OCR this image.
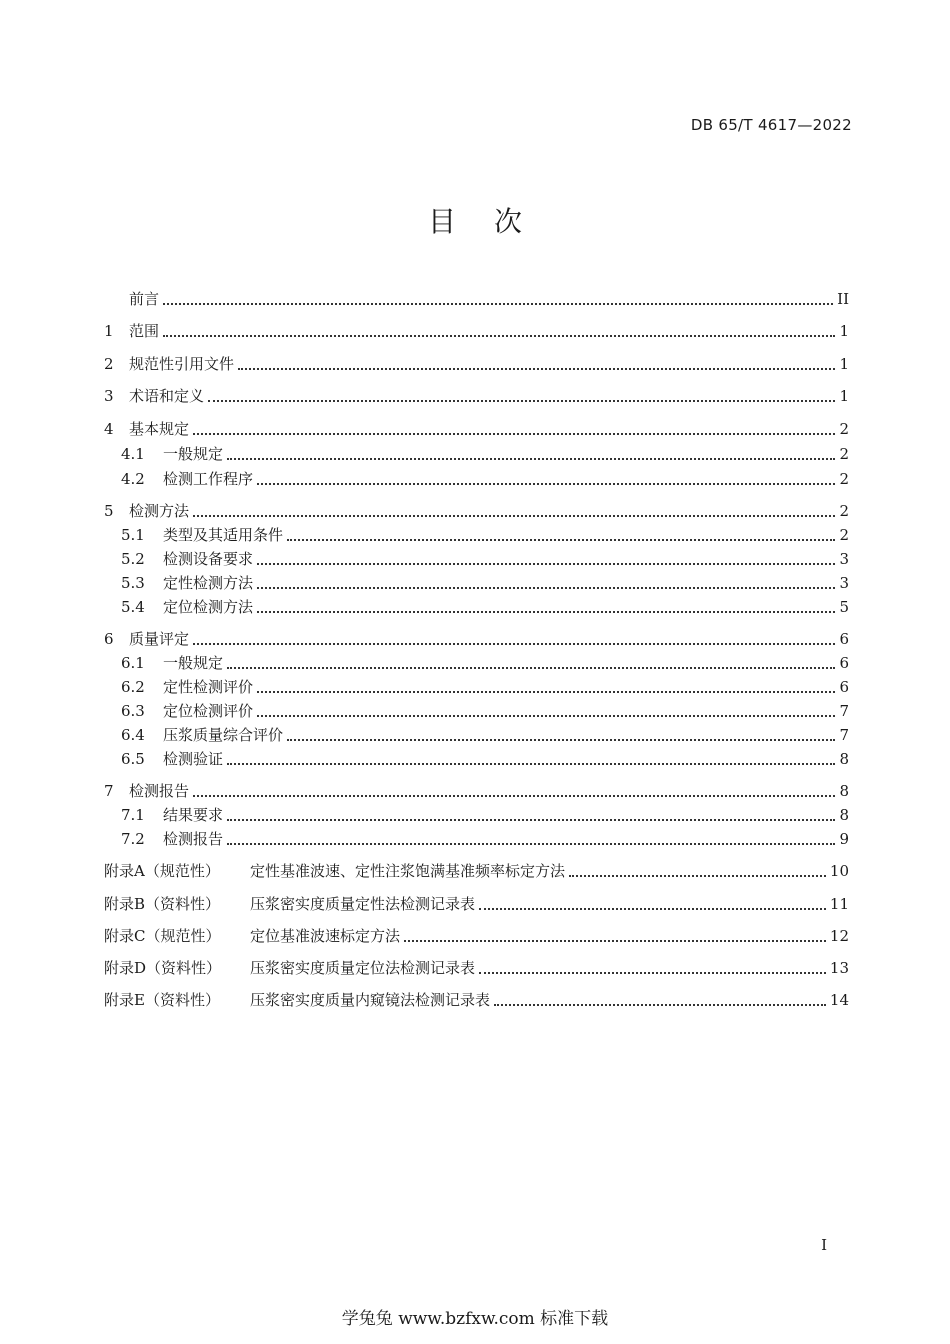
DB 65/T 4617—2022
目次
前言	II
1	范围	1
2	规范性引用文件	1
3	术语和定义	1
4	基本规定	2
4.1	一般规定	2
4.2	检测工作程序	2
5	检测方法	2
5.1	类型及其适用条件	2
5.2	检测设备要求	3
5.3	定性检测方法	3
5.4	定位检测方法	5
6	质量评定	6
6.1	一般规定	6
6.2	定性检测评价	6
6.3	定位检测评价	7
6.4	压浆质量综合评价	7
6.5	检测验证	8
7	检测报告	8
7.1	结果要求	8
7.2	检测报告	9
附录A（规范性）	定性基准波速、定性注浆饱满基准频率标定方法	10
附录B（资料性）	压浆密实度质量定性法检测记录表	11
附录C（规范性）	定位基准波速标定方法	12
附录D（资料性）	压浆密实度质量定位法检测记录表	13
附录E（资料性）	压浆密实度质量内窥镜法检测记录表	14
I
学兔兔 www.bzfxw.com 标准下载
